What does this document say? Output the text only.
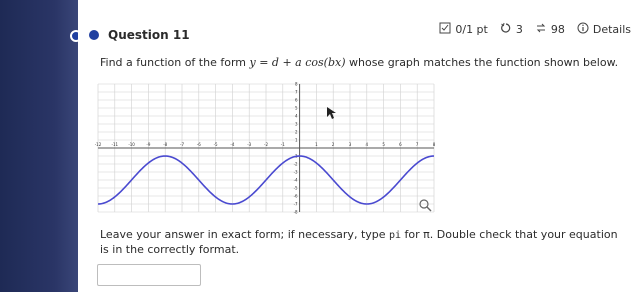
Question 11	0/1 pt	3	98	Details
Find a function of the form y = d + a cos(bx) whose graph matches the function shown below.
-12	-11	-10	-9	-8	-7	-6	-5	-4	-3	-2	-1	1	2	3	4	5	6	7	8
8
7
6
5
4
3
2
1
-1
-2
-3
-4
-5
-6
-7
-8
Leave your answer in exact form; if necessary, type pi for π. Double check that your equation is in the correctly format.
